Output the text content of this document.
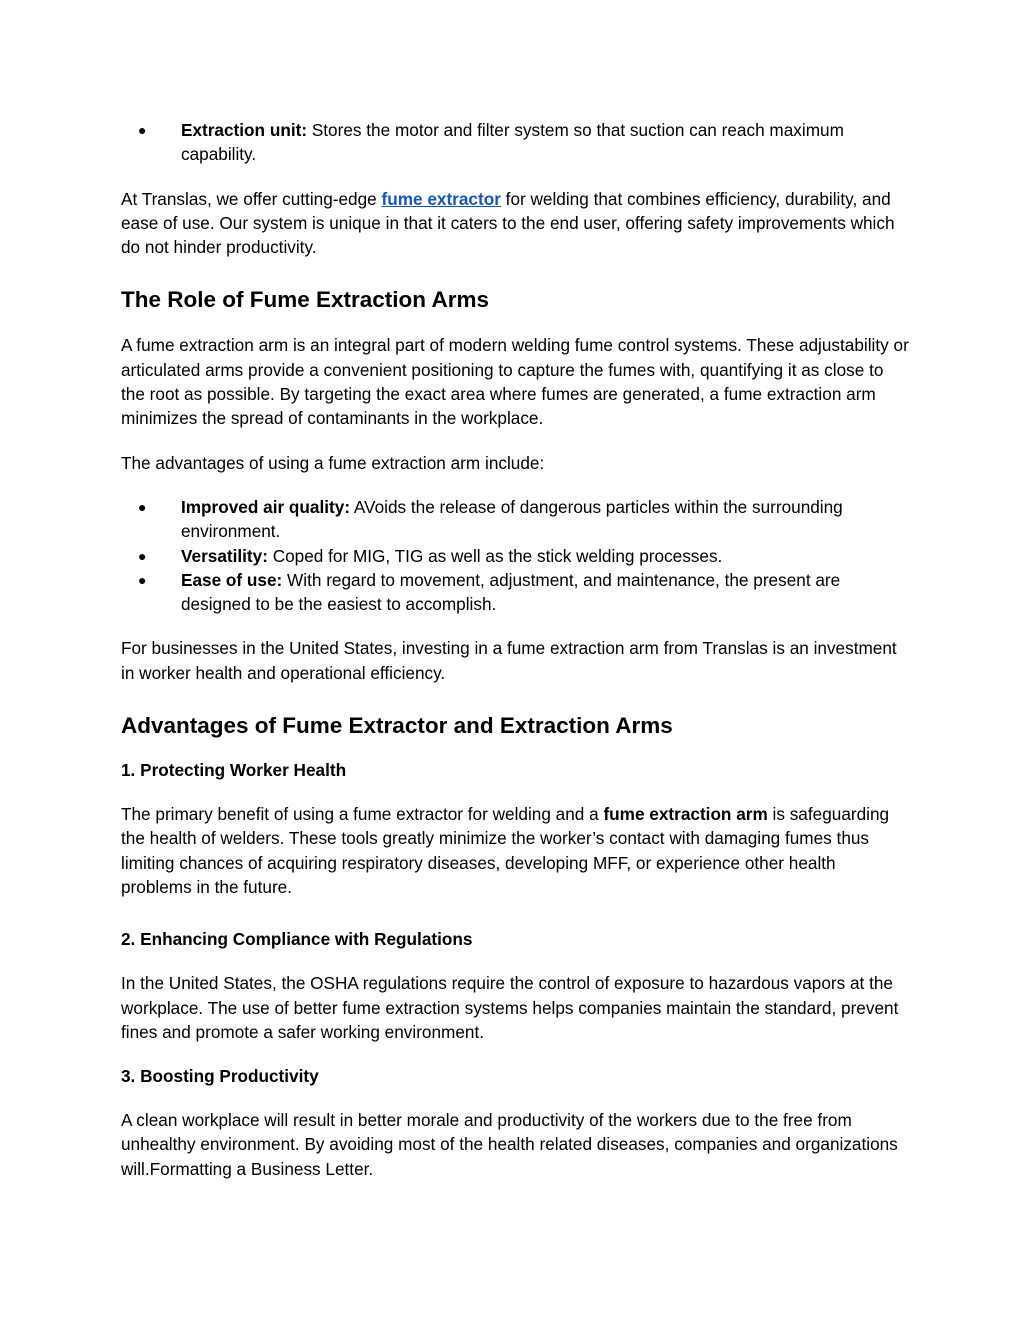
● Extraction unit: Stores the motor and filter system so that suction can reach maximum capability.

At Translas, we offer cutting-edge fume extractor for welding that combines efficiency, durability, and ease of use. Our system is unique in that it caters to the end user, offering safety improvements which do not hinder productivity.

The Role of Fume Extraction Arms

A fume extraction arm is an integral part of modern welding fume control systems. These adjustability or articulated arms provide a convenient positioning to capture the fumes with, quantifying it as close to the root as possible. By targeting the exact area where fumes are generated, a fume extraction arm minimizes the spread of contaminants in the workplace.

The advantages of using a fume extraction arm include:

● Improved air quality: AVoids the release of dangerous particles within the surrounding environment.
● Versatility: Coped for MIG, TIG as well as the stick welding processes.
● Ease of use: With regard to movement, adjustment, and maintenance, the present are designed to be the easiest to accomplish.

For businesses in the United States, investing in a fume extraction arm from Translas is an investment in worker health and operational efficiency.

Advantages of Fume Extractor and Extraction Arms
1. Protecting Worker Health

The primary benefit of using a fume extractor for welding and a fume extraction arm is safeguarding the health of welders. These tools greatly minimize the worker’s contact with damaging fumes thus limiting chances of acquiring respiratory diseases, developing MFF, or experience other health problems in the future.

2. Enhancing Compliance with Regulations

In the United States, the OSHA regulations require the control of exposure to hazardous vapors at the workplace. The use of better fume extraction systems helps companies maintain the standard, prevent fines and promote a safer working environment.

3. Boosting Productivity

A clean workplace will result in better morale and productivity of the workers due to the free from unhealthy environment. By avoiding most of the health related diseases, companies and organizations will.Formatting a Business Letter.
